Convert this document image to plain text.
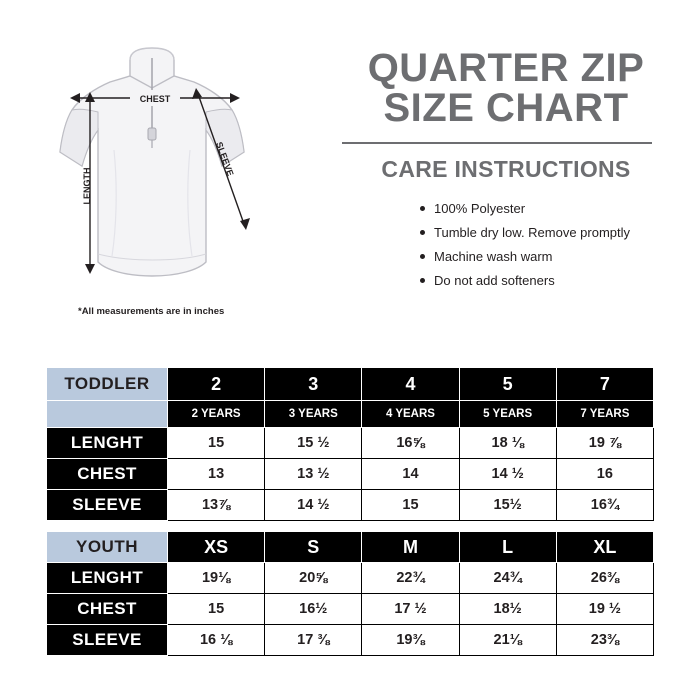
CHEST
LENGTH
SLEEVE
*All measurements are in inches
QUARTER ZIP
SIZE CHART
CARE INSTRUCTIONS
100% Polyester
Tumble dry low. Remove promptly
Machine wash warm
Do not add softeners
TODDLER	2	3	4	5	7
	2 YEARS	3 YEARS	4 YEARS	5 YEARS	7 YEARS
LENGHT	15	15 ½	16⅝	18 ⅛	19 ⅞
CHEST	13	13 ½	14	14 ½	16
SLEEVE	13⅞	14 ½	15	15½	16¾
YOUTH	XS	S	M	L	XL
LENGHT	19⅛	20⅝	22¾	24¾	26⅜
CHEST	15	16½	17 ½	18½	19 ½
SLEEVE	16 ⅛	17 ⅜	19⅜	21⅛	23⅜
